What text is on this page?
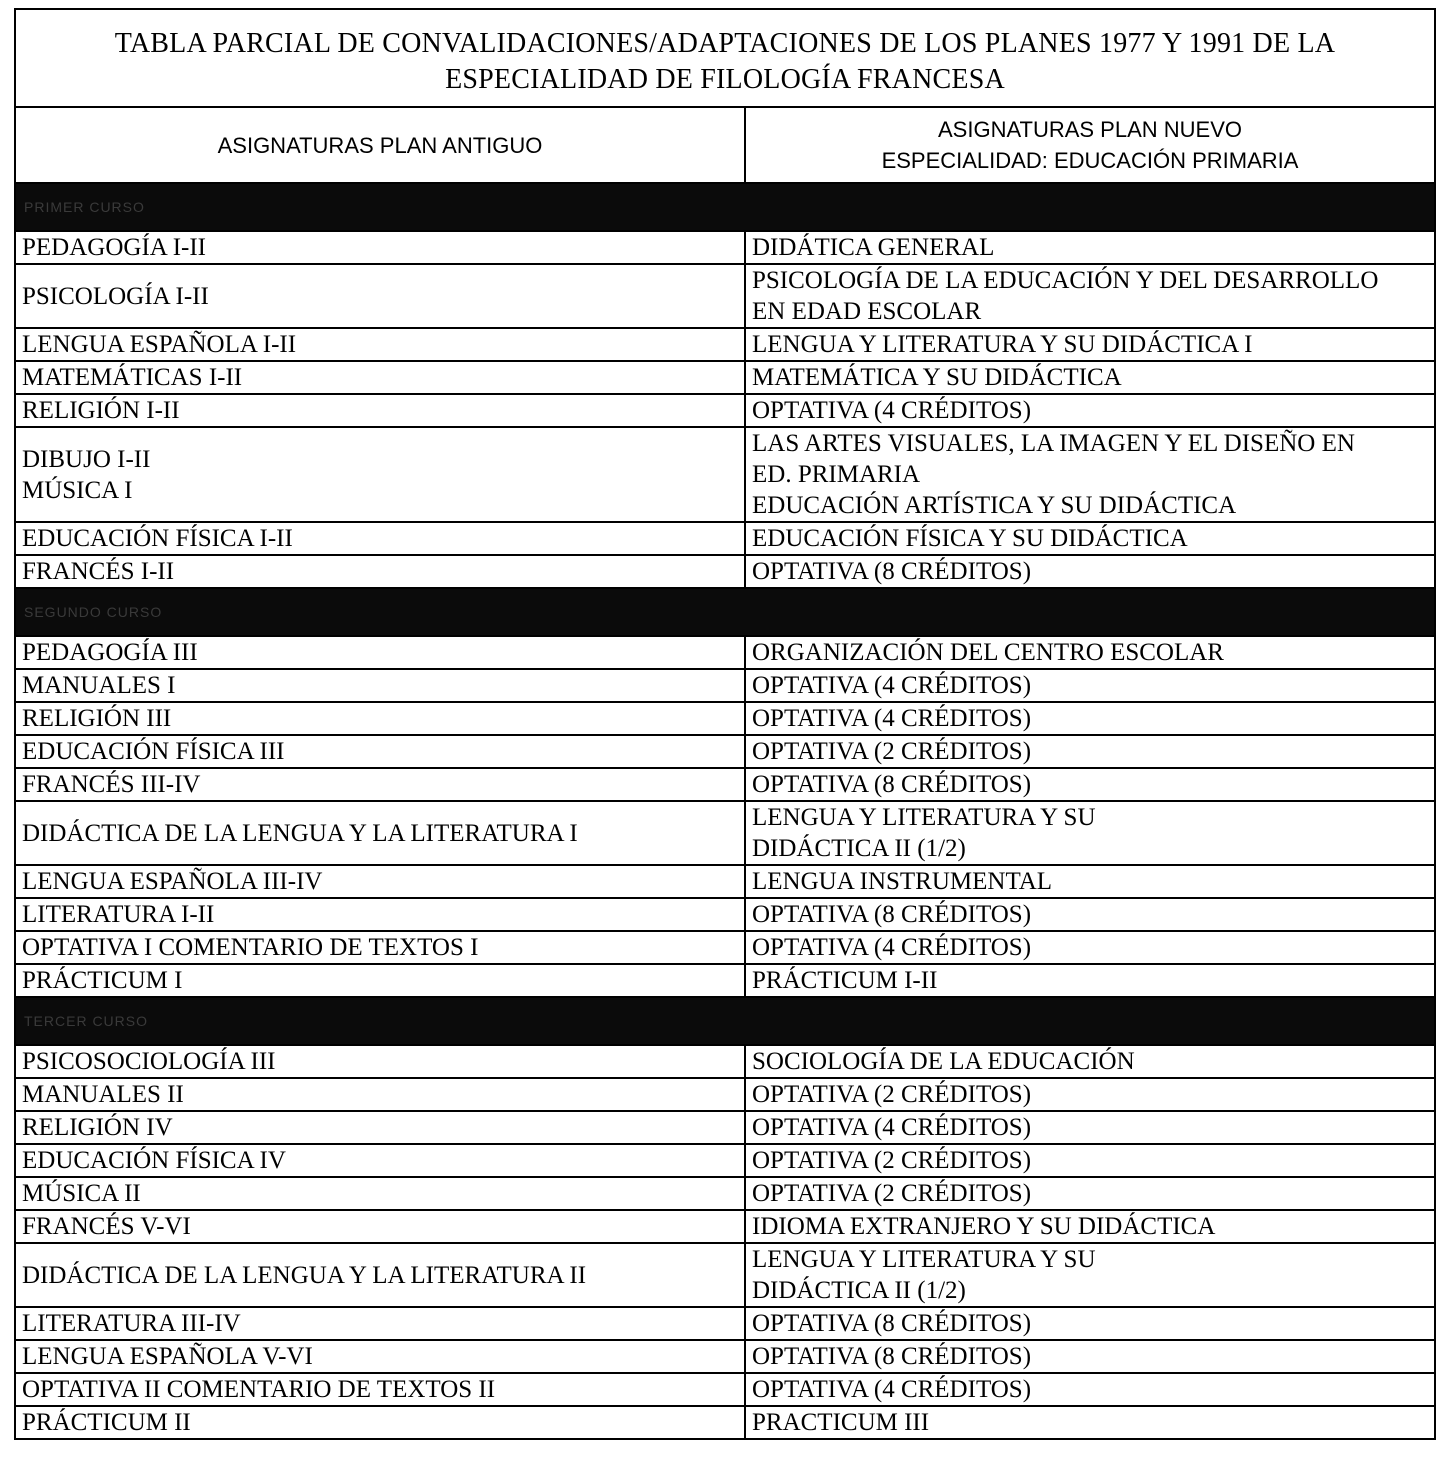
TABLA PARCIAL DE CONVALIDACIONES/ADAPTACIONES DE LOS PLANES 1977 Y 1991 DE LA
ESPECIALIDAD DE FILOLOGÍA FRANCESA	

ASIGNATURAS PLAN ANTIGUO	ASIGNATURAS PLAN NUEVO
ESPECIALIDAD: EDUCACIÓN PRIMARIA

PRIMER CURSO	
PEDAGOGÍA I-II	DIDÁTICA GENERAL
PSICOLOGÍA I-II	PSICOLOGÍA DE LA EDUCACIÓN Y DEL DESARROLLO
EN EDAD ESCOLAR
LENGUA ESPAÑOLA I-II	LENGUA Y LITERATURA Y SU DIDÁCTICA I
MATEMÁTICAS I-II	MATEMÁTICA Y SU DIDÁCTICA
RELIGIÓN I-II	OPTATIVA (4 CRÉDITOS)
DIBUJO I-II
MÚSICA I	LAS ARTES VISUALES, LA IMAGEN Y EL DISEÑO EN
ED. PRIMARIA
EDUCACIÓN ARTÍSTICA Y SU DIDÁCTICA
EDUCACIÓN FÍSICA I-II	EDUCACIÓN FÍSICA Y SU DIDÁCTICA
FRANCÉS I-II	OPTATIVA (8 CRÉDITOS)
SEGUNDO CURSO	
PEDAGOGÍA III	ORGANIZACIÓN DEL CENTRO ESCOLAR
MANUALES I	OPTATIVA (4 CRÉDITOS)
RELIGIÓN III	OPTATIVA (4 CRÉDITOS)
EDUCACIÓN FÍSICA III	OPTATIVA (2 CRÉDITOS)
FRANCÉS III-IV	OPTATIVA (8 CRÉDITOS)
DIDÁCTICA DE LA LENGUA Y LA LITERATURA I	LENGUA Y LITERATURA Y SU
DIDÁCTICA II (1/2)
LENGUA ESPAÑOLA III-IV	LENGUA INSTRUMENTAL
LITERATURA I-II	OPTATIVA (8 CRÉDITOS)
OPTATIVA I COMENTARIO DE TEXTOS I	OPTATIVA (4 CRÉDITOS)
PRÁCTICUM I	PRÁCTICUM I-II
TERCER CURSO	
PSICOSOCIOLOGÍA III	SOCIOLOGÍA DE LA EDUCACIÓN
MANUALES II	OPTATIVA (2 CRÉDITOS)
RELIGIÓN IV	OPTATIVA (4 CRÉDITOS)
EDUCACIÓN FÍSICA IV	OPTATIVA (2 CRÉDITOS)
MÚSICA II	OPTATIVA (2 CRÉDITOS)
FRANCÉS V-VI	IDIOMA EXTRANJERO Y SU DIDÁCTICA
DIDÁCTICA DE LA LENGUA Y LA LITERATURA II	LENGUA Y LITERATURA Y SU
DIDÁCTICA II (1/2)
LITERATURA III-IV	OPTATIVA (8 CRÉDITOS)
LENGUA ESPAÑOLA V-VI	OPTATIVA (8 CRÉDITOS)
OPTATIVA II COMENTARIO DE TEXTOS II	OPTATIVA (4 CRÉDITOS)
PRÁCTICUM II	PRACTICUM III
